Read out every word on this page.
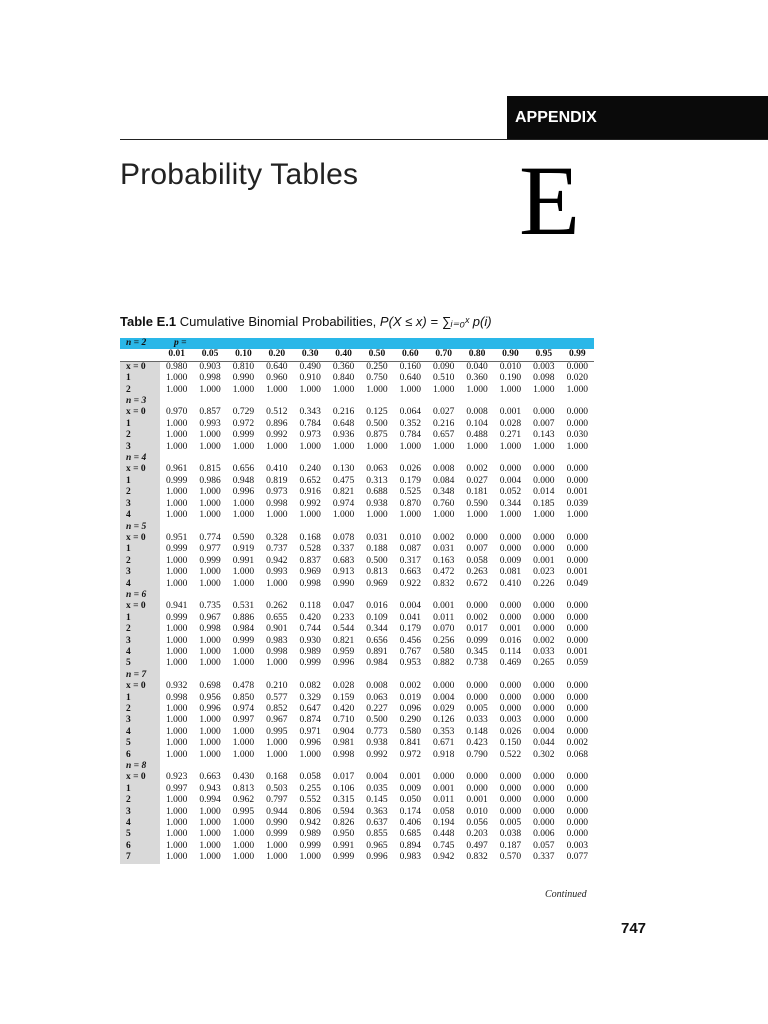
APPENDIX
Probability Tables E
Table E.1 Cumulative Binomial Probabilities, P(X ≤ x) = ∑ᵢ₌₀ˣ p(i)
n = 2	p =												
	0.01	0.05	0.10	0.20	0.30	0.40	0.50	0.60	0.70	0.80	0.90	0.95	0.99
x = 0	0.980	0.903	0.810	0.640	0.490	0.360	0.250	0.160	0.090	0.040	0.010	0.003	0.000
1	1.000	0.998	0.990	0.960	0.910	0.840	0.750	0.640	0.510	0.360	0.190	0.098	0.020
2	1.000	1.000	1.000	1.000	1.000	1.000	1.000	1.000	1.000	1.000	1.000	1.000	1.000
n = 3													
x = 0	0.970	0.857	0.729	0.512	0.343	0.216	0.125	0.064	0.027	0.008	0.001	0.000	0.000
1	1.000	0.993	0.972	0.896	0.784	0.648	0.500	0.352	0.216	0.104	0.028	0.007	0.000
2	1.000	1.000	0.999	0.992	0.973	0.936	0.875	0.784	0.657	0.488	0.271	0.143	0.030
3	1.000	1.000	1.000	1.000	1.000	1.000	1.000	1.000	1.000	1.000	1.000	1.000	1.000
n = 4													
x = 0	0.961	0.815	0.656	0.410	0.240	0.130	0.063	0.026	0.008	0.002	0.000	0.000	0.000
1	0.999	0.986	0.948	0.819	0.652	0.475	0.313	0.179	0.084	0.027	0.004	0.000	0.000
2	1.000	1.000	0.996	0.973	0.916	0.821	0.688	0.525	0.348	0.181	0.052	0.014	0.001
3	1.000	1.000	1.000	0.998	0.992	0.974	0.938	0.870	0.760	0.590	0.344	0.185	0.039
4	1.000	1.000	1.000	1.000	1.000	1.000	1.000	1.000	1.000	1.000	1.000	1.000	1.000
n = 5													
x = 0	0.951	0.774	0.590	0.328	0.168	0.078	0.031	0.010	0.002	0.000	0.000	0.000	0.000
1	0.999	0.977	0.919	0.737	0.528	0.337	0.188	0.087	0.031	0.007	0.000	0.000	0.000
2	1.000	0.999	0.991	0.942	0.837	0.683	0.500	0.317	0.163	0.058	0.009	0.001	0.000
3	1.000	1.000	1.000	0.993	0.969	0.913	0.813	0.663	0.472	0.263	0.081	0.023	0.001
4	1.000	1.000	1.000	1.000	0.998	0.990	0.969	0.922	0.832	0.672	0.410	0.226	0.049
n = 6													
x = 0	0.941	0.735	0.531	0.262	0.118	0.047	0.016	0.004	0.001	0.000	0.000	0.000	0.000
1	0.999	0.967	0.886	0.655	0.420	0.233	0.109	0.041	0.011	0.002	0.000	0.000	0.000
2	1.000	0.998	0.984	0.901	0.744	0.544	0.344	0.179	0.070	0.017	0.001	0.000	0.000
3	1.000	1.000	0.999	0.983	0.930	0.821	0.656	0.456	0.256	0.099	0.016	0.002	0.000
4	1.000	1.000	1.000	0.998	0.989	0.959	0.891	0.767	0.580	0.345	0.114	0.033	0.001
5	1.000	1.000	1.000	1.000	0.999	0.996	0.984	0.953	0.882	0.738	0.469	0.265	0.059
n = 7													
x = 0	0.932	0.698	0.478	0.210	0.082	0.028	0.008	0.002	0.000	0.000	0.000	0.000	0.000
1	0.998	0.956	0.850	0.577	0.329	0.159	0.063	0.019	0.004	0.000	0.000	0.000	0.000
2	1.000	0.996	0.974	0.852	0.647	0.420	0.227	0.096	0.029	0.005	0.000	0.000	0.000
3	1.000	1.000	0.997	0.967	0.874	0.710	0.500	0.290	0.126	0.033	0.003	0.000	0.000
4	1.000	1.000	1.000	0.995	0.971	0.904	0.773	0.580	0.353	0.148	0.026	0.004	0.000
5	1.000	1.000	1.000	1.000	0.996	0.981	0.938	0.841	0.671	0.423	0.150	0.044	0.002
6	1.000	1.000	1.000	1.000	1.000	0.998	0.992	0.972	0.918	0.790	0.522	0.302	0.068
n = 8													
x = 0	0.923	0.663	0.430	0.168	0.058	0.017	0.004	0.001	0.000	0.000	0.000	0.000	0.000
1	0.997	0.943	0.813	0.503	0.255	0.106	0.035	0.009	0.001	0.000	0.000	0.000	0.000
2	1.000	0.994	0.962	0.797	0.552	0.315	0.145	0.050	0.011	0.001	0.000	0.000	0.000
3	1.000	1.000	0.995	0.944	0.806	0.594	0.363	0.174	0.058	0.010	0.000	0.000	0.000
4	1.000	1.000	1.000	0.990	0.942	0.826	0.637	0.406	0.194	0.056	0.005	0.000	0.000
5	1.000	1.000	1.000	0.999	0.989	0.950	0.855	0.685	0.448	0.203	0.038	0.006	0.000
6	1.000	1.000	1.000	1.000	0.999	0.991	0.965	0.894	0.745	0.497	0.187	0.057	0.003
7	1.000	1.000	1.000	1.000	1.000	0.999	0.996	0.983	0.942	0.832	0.570	0.337	0.077
Continued
747
